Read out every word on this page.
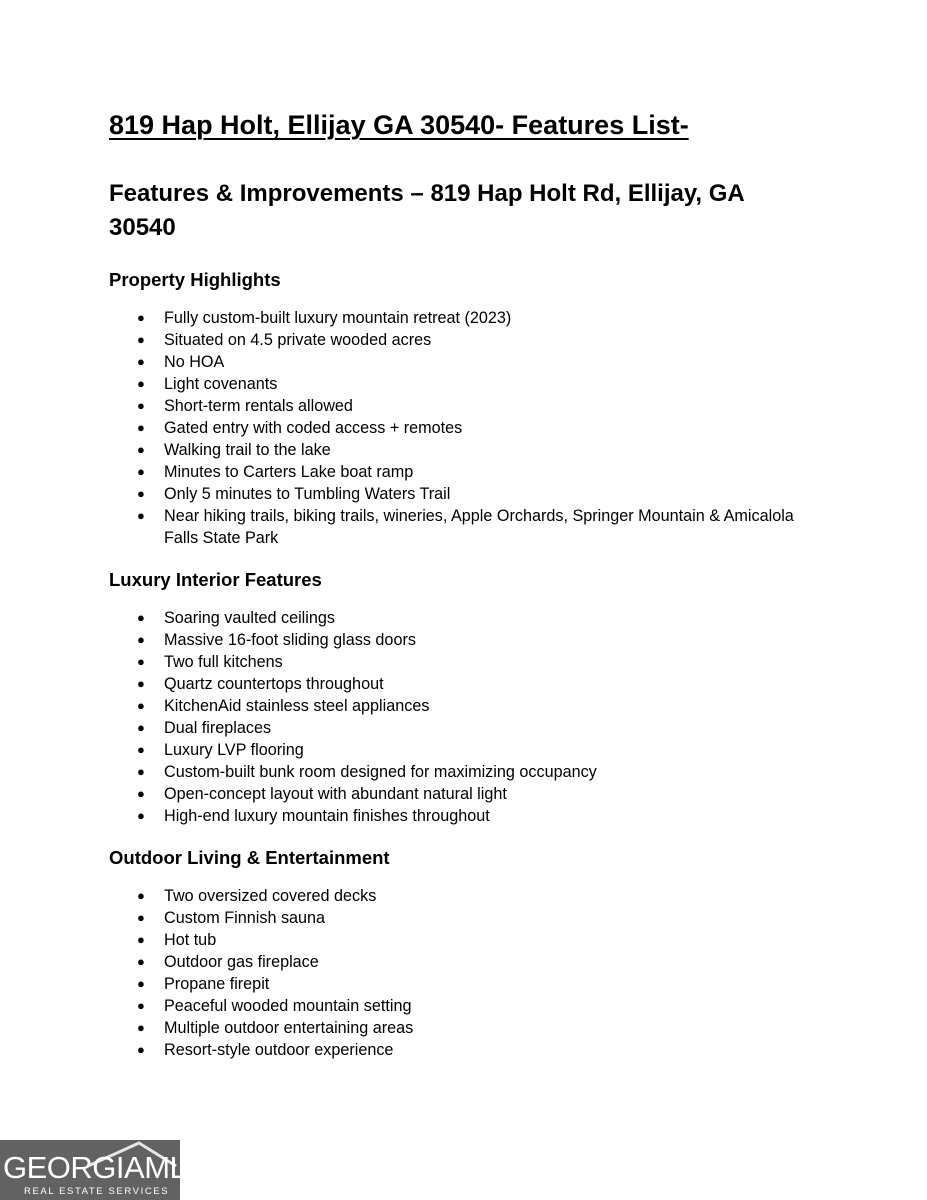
819 Hap Holt, Ellijay GA 30540- Features List-
Features & Improvements – 819 Hap Holt Rd, Ellijay, GA
30540
Property Highlights
● Fully custom-built luxury mountain retreat (2023)
● Situated on 4.5 private wooded acres
● No HOA
● Light covenants
● Short-term rentals allowed
● Gated entry with coded access + remotes
● Walking trail to the lake
● Minutes to Carters Lake boat ramp
● Only 5 minutes to Tumbling Waters Trail
● Near hiking trails, biking trails, wineries, Apple Orchards, Springer Mountain & Amicalola Falls State Park
Luxury Interior Features
● Soaring vaulted ceilings
● Massive 16-foot sliding glass doors
● Two full kitchens
● Quartz countertops throughout
● KitchenAid stainless steel appliances
● Dual fireplaces
● Luxury LVP flooring
● Custom-built bunk room designed for maximizing occupancy
● Open-concept layout with abundant natural light
● High-end luxury mountain finishes throughout
Outdoor Living & Entertainment
● Two oversized covered decks
● Custom Finnish sauna
● Hot tub
● Outdoor gas fireplace
● Propane firepit
● Peaceful wooded mountain setting
● Multiple outdoor entertaining areas
● Resort-style outdoor experience
GEORGIAMLS
REAL ESTATE SERVICES
